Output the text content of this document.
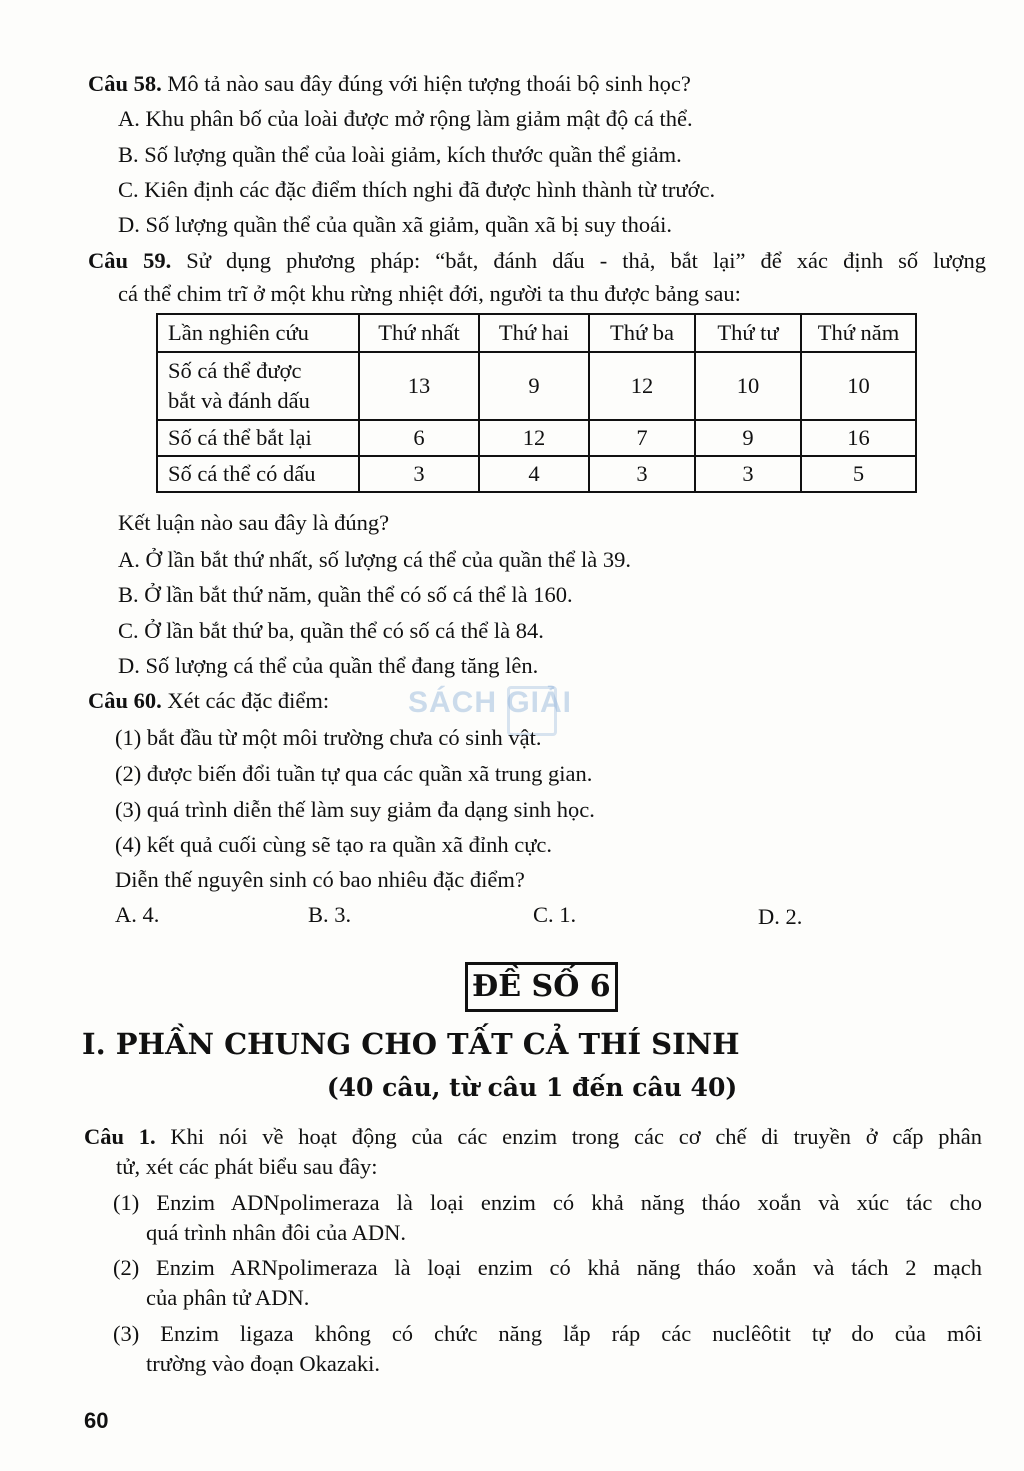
Câu 58. Mô tả nào sau đây đúng với hiện tượng thoái bộ sinh học?
A. Khu phân bố của loài được mở rộng làm giảm mật độ cá thể.
B. Số lượng quần thể của loài giảm, kích thước quần thể giảm.
C. Kiên định các đặc điểm thích nghi đã được hình thành từ trước.
D. Số lượng quần thể của quần xã giảm, quần xã bị suy thoái.
Câu 59. Sử dụng phương pháp: “bắt, đánh dấu - thả, bắt lại” để xác định số lượng
cá thể chim trĩ ở một khu rừng nhiệt đới, người ta thu được bảng sau:
Lần nghiên cứu	Thứ nhất	Thứ hai	Thứ ba	Thứ tư	Thứ năm

Số cá thể được
bắt và đánh dấu	13	9	12	10	10
Số cá thể bắt lại	6	12	7	9	16
Số cá thể có dấu	3	4	3	3	5
Kết luận nào sau đây là đúng?
A. Ở lần bắt thứ nhất, số lượng cá thể của quần thể là 39.
B. Ở lần bắt thứ năm, quần thể có số cá thể là 160.
C. Ở lần bắt thứ ba, quần thể có số cá thể là 84.
D. Số lượng cá thể của quần thể đang tăng lên.
SÁCH GIẢI
Câu 60. Xét các đặc điểm:
(1) bắt đầu từ một môi trường chưa có sinh vật.
(2) được biến đổi tuần tự qua các quần xã trung gian.
(3) quá trình diễn thế làm suy giảm đa dạng sinh học.
(4) kết quả cuối cùng sẽ tạo ra quần xã đỉnh cực.
Diễn thế nguyên sinh có bao nhiêu đặc điểm?
A. 4.	B. 3.	C. 1.	D. 2.
ĐỀ SỐ 6
I. PHẦN CHUNG CHO TẤT CẢ THÍ SINH
(40 câu, từ câu 1 đến câu 40)
Câu 1. Khi nói về hoạt động của các enzim trong các cơ chế di truyền ở cấp phân
tử, xét các phát biểu sau đây:
(1) Enzim ADNpolimeraza là loại enzim có khả năng tháo xoắn và xúc tác cho
quá trình nhân đôi của ADN.
(2) Enzim ARNpolimeraza là loại enzim có khả năng tháo xoắn và tách 2 mạch
của phân tử ADN.
(3) Enzim ligaza không có chức năng lắp ráp các nuclêôtit tự do của môi
trường vào đoạn Okazaki.
60
